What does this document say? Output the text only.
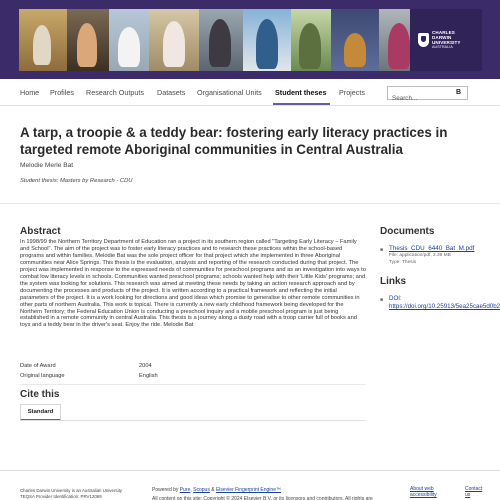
CHARLES
DARWIN
UNIVERSITY
AUSTRALIA
Home Profiles Research Outputs Datasets Organisational Units Student theses Projects
Search...	B
A tarp, a troopie & a teddy bear: fostering early literacy practices in targeted remote Aboriginal communities in Central Australia
Melodie Merle Bat
Student thesis: Masters by Research - CDU
Abstract

In 1998/99 the Northern Territory Department of Education ran a project in its southern region called "Targeting Early Literacy – Family and School". The aim of the project was to foster early literacy practices and to research these practices within the school-based programs and within families. Melodie Bat was the sole project officer for that project which she implemented in three Aboriginal communities near Alice Springs. This thesis is the evaluation, analysis and reporting of the research conducted during that project. The project was implemented in response to the expressed needs of communities for preschool programs and as an investigation into ways to combat low literacy levels in schools. Communities wanted preschool programs; schools wanted help with their 'Little Kids' programs; and the system was looking for solutions. This research was aimed at meeting these needs by taking an action research approach and by documenting the processes and products of the project. It is written according to a practical framework and reflecting the initial parameters of the project. It is a work looking for directions and good ideas which promise to generalise to other remote communities in other parts of northern Australia. This work is topical. There is currently a new early childhood framework being developed for the Northern Territory; the Federal Education Union is conducting a preschool inquiry and a mobile preschool program is just being established in a remote community in central Australia. This thesis is a journey along a dusty road with a troop carrier full of books and toys and a teddy bear in the driver's seat. Enjoy the ride. Melodie Bat

Date of Award	2004
Original language	English
Cite this
Standard
Documents
■ Thesis_CDU_6440_Bat_M.pdf
File: application/pdf, 2.39 MB
Type: Thesis
Links
■ DOI:
https://doi.org/10.25913/5ea25cae5d0b2
Charles Darwin University is an Australian University
TEQSA Provider Identification: PRV12069
Powered by Pure, Scopus & Elsevier Fingerprint Engine™
All content on this site: Copyright © 2024 Elsevier B.V. or its licensors and contributors. All rights are
About web
accessibility
Contact
us
